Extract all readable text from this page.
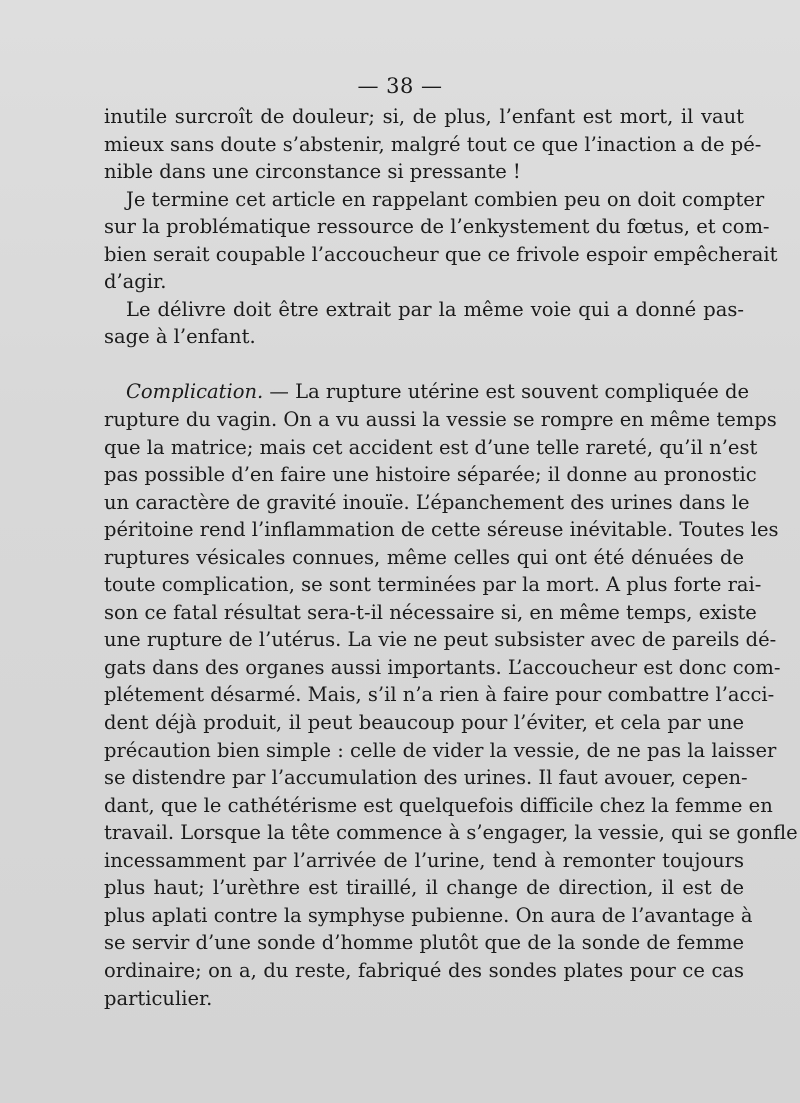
— 38 —
inutile surcroît de douleur; si, de plus, l’enfant est mort, il vaut
mieux sans doute s’abstenir, malgré tout ce que l’inaction a de pé-
nible dans une circonstance si pressante !
Je termine cet article en rappelant combien peu on doit compter
sur la problématique ressource de l’enkystement du fœtus, et com-
bien serait coupable l’accoucheur que ce frivole espoir empêcherait
d’agir.
Le délivre doit être extrait par la même voie qui a donné pas-
sage à l’enfant.
Complication. — La rupture utérine est souvent compliquée de
rupture du vagin. On a vu aussi la vessie se rompre en même temps
que la matrice; mais cet accident est d’une telle rareté, qu’il n’est
pas possible d’en faire une histoire séparée; il donne au pronostic
un caractère de gravité inouïe. L’épanchement des urines dans le
péritoine rend l’inflammation de cette séreuse inévitable. Toutes les
ruptures vésicales connues, même celles qui ont été dénuées de
toute complication, se sont terminées par la mort. A plus forte rai-
son ce fatal résultat sera-t-il nécessaire si, en même temps, existe
une rupture de l’utérus. La vie ne peut subsister avec de pareils dé-
gats dans des organes aussi importants. L’accoucheur est donc com-
plétement désarmé. Mais, s’il n’a rien à faire pour combattre l’acci-
dent déjà produit, il peut beaucoup pour l’éviter, et cela par une
précaution bien simple : celle de vider la vessie, de ne pas la laisser
se distendre par l’accumulation des urines. Il faut avouer, cepen-
dant, que le cathétérisme est quelquefois difficile chez la femme en
travail. Lorsque la tête commence à s’engager, la vessie, qui se gonfle
incessamment par l’arrivée de l’urine, tend à remonter toujours
plus haut; l’urèthre est tiraillé, il change de direction, il est de
plus aplati contre la symphyse pubienne. On aura de l’avantage à
se servir d’une sonde d’homme plutôt que de la sonde de femme
ordinaire; on a, du reste, fabriqué des sondes plates pour ce cas
particulier.
